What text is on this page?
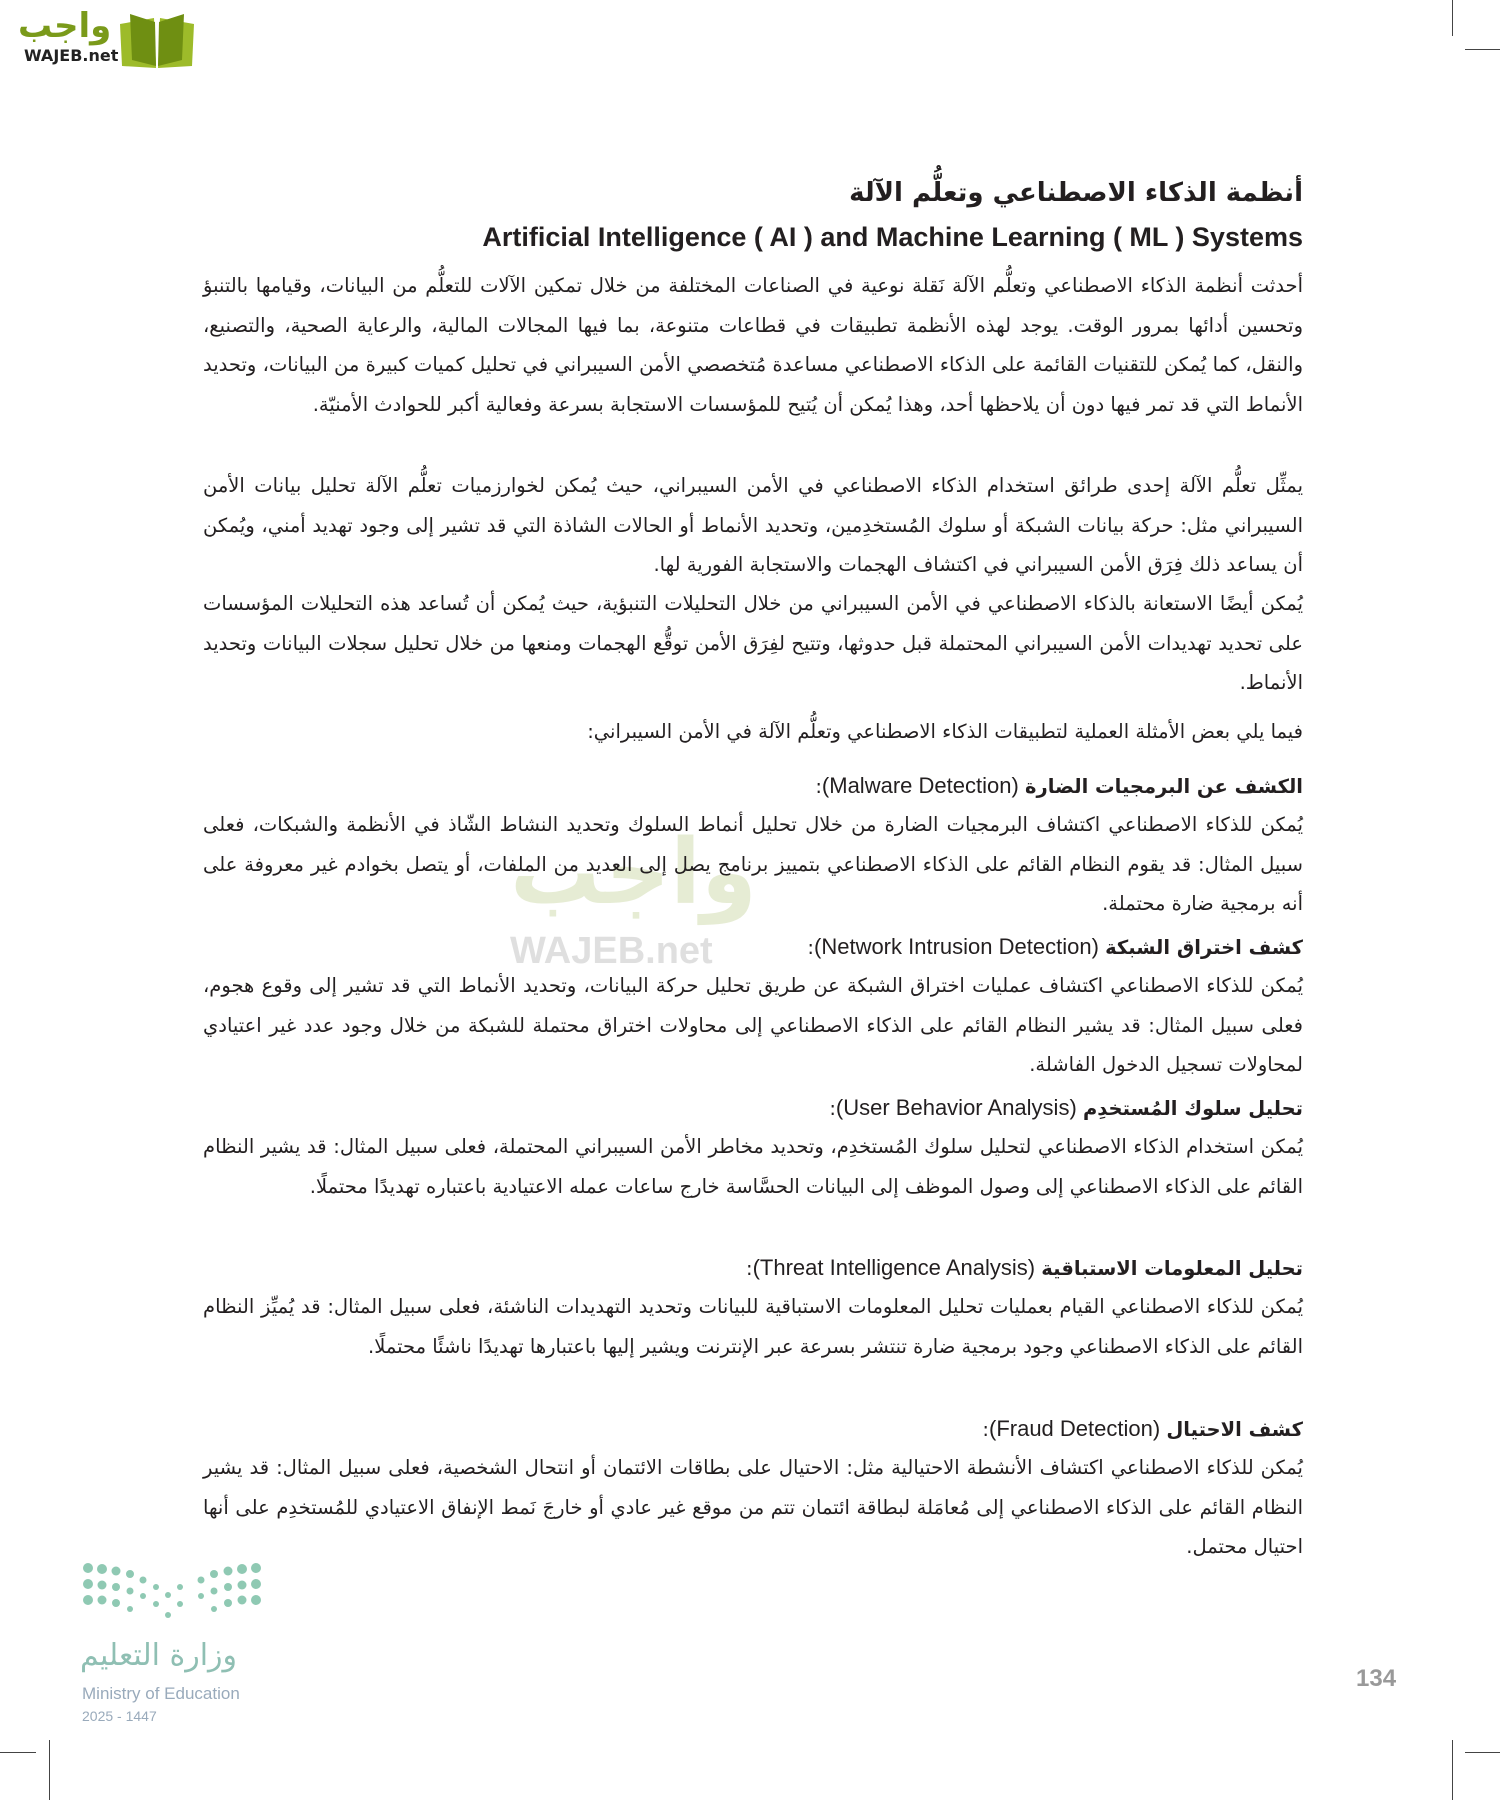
واجب
WAJEB.net
واجب
WAJEB.net
أنظمة الذكاء الاصطناعي وتعلُّم الآلة
Artificial Intelligence ( AI ) and Machine Learning ( ML ) Systems
أحدثت أنظمة الذكاء الاصطناعي وتعلُّم الآلة نَقلة نوعية في الصناعات المختلفة من خلال تمكين الآلات للتعلُّم من البيانات، وقيامها بالتنبؤ وتحسين أدائها بمرور الوقت. يوجد لهذه الأنظمة تطبيقات في قطاعات متنوعة، بما فيها المجالات المالية، والرعاية الصحية، والتصنيع، والنقل، كما يُمكن للتقنيات القائمة على الذكاء الاصطناعي مساعدة مُتخصصي الأمن السيبراني في تحليل كميات كبيرة من البيانات، وتحديد الأنماط التي قد تمر فيها دون أن يلاحظها أحد، وهذا يُمكن أن يُتيح للمؤسسات الاستجابة بسرعة وفعالية أكبر للحوادث الأمنيّة.
يمثِّل تعلُّم الآلة إحدى طرائق استخدام الذكاء الاصطناعي في الأمن السيبراني، حيث يُمكن لخوارزميات تعلُّم الآلة تحليل بيانات الأمن السيبراني مثل: حركة بيانات الشبكة أو سلوك المُستخدِمين، وتحديد الأنماط أو الحالات الشاذة التي قد تشير إلى وجود تهديد أمني، ويُمكن أن يساعد ذلك فِرَق الأمن السيبراني في اكتشاف الهجمات والاستجابة الفورية لها.
يُمكن أيضًا الاستعانة بالذكاء الاصطناعي في الأمن السيبراني من خلال التحليلات التنبؤية، حيث يُمكن أن تُساعد هذه التحليلات المؤسسات على تحديد تهديدات الأمن السيبراني المحتملة قبل حدوثها، وتتيح لفِرَق الأمن توقُّع الهجمات ومنعها من خلال تحليل سجلات البيانات وتحديد الأنماط.
فيما يلي بعض الأمثلة العملية لتطبيقات الذكاء الاصطناعي وتعلُّم الآلة في الأمن السيبراني:
الكشف عن البرمجيات الضارة (Malware Detection):
يُمكن للذكاء الاصطناعي اكتشاف البرمجيات الضارة من خلال تحليل أنماط السلوك وتحديد النشاط الشّاذ في الأنظمة والشبكات، فعلى سبيل المثال: قد يقوم النظام القائم على الذكاء الاصطناعي بتمييز برنامج يصل إلى العديد من الملفات، أو يتصل بخوادم غير معروفة على أنه برمجية ضارة محتملة.
كشف اختراق الشبكة (Network Intrusion Detection):
يُمكن للذكاء الاصطناعي اكتشاف عمليات اختراق الشبكة عن طريق تحليل حركة البيانات، وتحديد الأنماط التي قد تشير إلى وقوع هجوم، فعلى سبيل المثال: قد يشير النظام القائم على الذكاء الاصطناعي إلى محاولات اختراق محتملة للشبكة من خلال وجود عدد غير اعتيادي لمحاولات تسجيل الدخول الفاشلة.
تحليل سلوك المُستخدِم (User Behavior Analysis):
يُمكن استخدام الذكاء الاصطناعي لتحليل سلوك المُستخدِم، وتحديد مخاطر الأمن السيبراني المحتملة، فعلى سبيل المثال: قد يشير النظام القائم على الذكاء الاصطناعي إلى وصول الموظف إلى البيانات الحسَّاسة خارج ساعات عمله الاعتيادية باعتباره تهديدًا محتملًا.
تحليل المعلومات الاستباقية (Threat Intelligence Analysis):
يُمكن للذكاء الاصطناعي القيام بعمليات تحليل المعلومات الاستباقية للبيانات وتحديد التهديدات الناشئة، فعلى سبيل المثال: قد يُميِّز النظام القائم على الذكاء الاصطناعي وجود برمجية ضارة تنتشر بسرعة عبر الإنترنت ويشير إليها باعتبارها تهديدًا ناشئًا محتملًا.
كشف الاحتيال (Fraud Detection):
يُمكن للذكاء الاصطناعي اكتشاف الأنشطة الاحتيالية مثل: الاحتيال على بطاقات الائتمان أو انتحال الشخصية، فعلى سبيل المثال: قد يشير النظام القائم على الذكاء الاصطناعي إلى مُعامَلة لبطاقة ائتمان تتم من موقع غير عادي أو خارجَ نَمط الإنفاق الاعتيادي للمُستخدِم على أنها احتيال محتمل.
وزارة التعليم
Ministry of Education
2025 - 1447
134
